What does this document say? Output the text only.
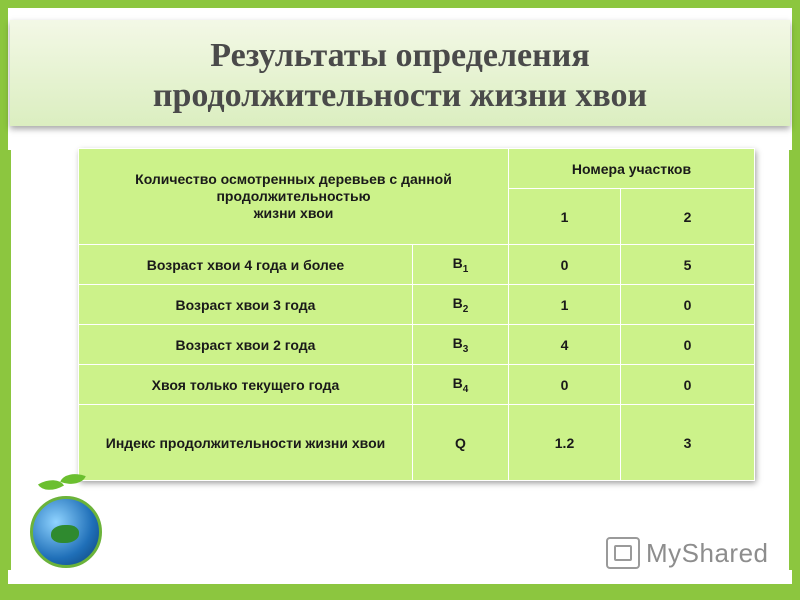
Результаты определения
продолжительности жизни хвои
Количество осмотренных деревьев с данной
продолжительностью
жизни хвои		Номера участков	
		1	2
Возраст хвои 4 года и более	$В_1$	0	5
Возраст хвои 3 года	$В_2$	1	0
Возраст хвои 2 года	$В_3$	4	0
Хвоя только текущего года	$В_4$	0	0
Индекс продолжительности жизни хвои	Q	1.2	3
MyShared
